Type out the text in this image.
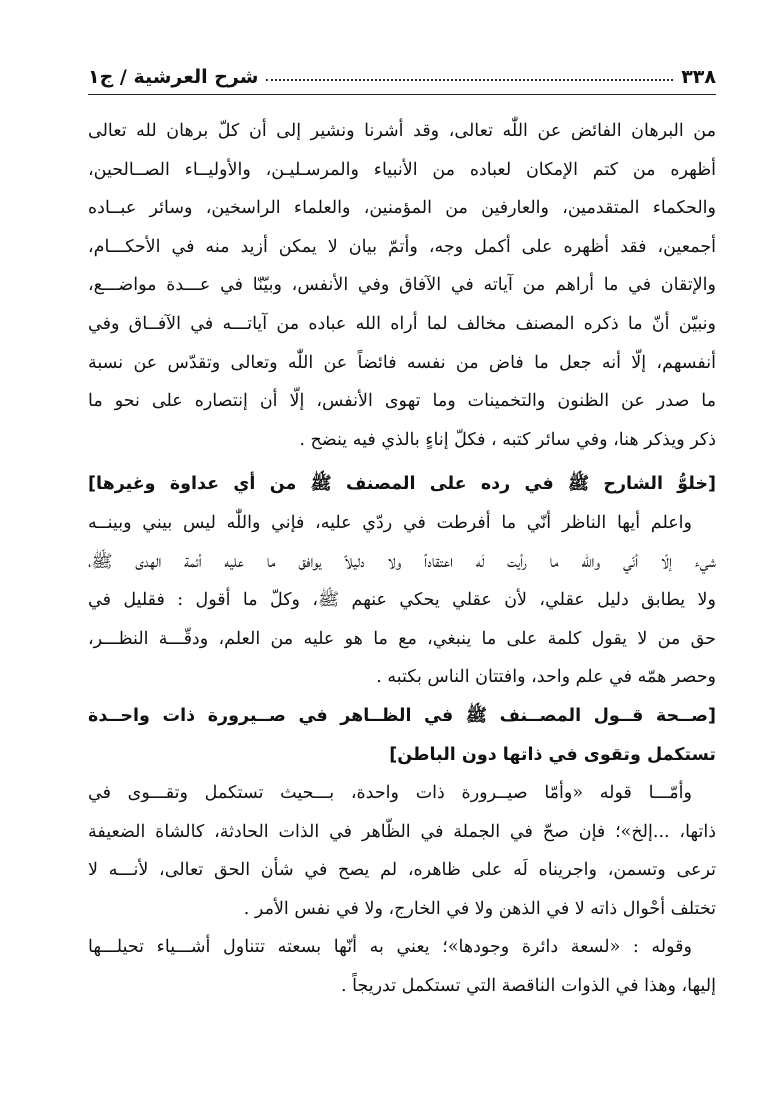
٣٣٨
شرح العرشية / ج١
من البرهان الفائض عن اللّٰه تعالى، وقد أشرنا ونشير إلى أن كلّ برهان لله تعالى
أظهره من كتم الإمكان لعباده من الأنبياء والمرسـليـن، والأوليــاء الصــالحين،
والحكماء المتقدمين، والعارفين من المؤمنين، والعلماء الراسخين، وسائر عبــاده
أجمعين، فقد أظهره على أكمل وجه، وأتمّ بيان لا يمكن أزيد منه في الأحكـــام،
والإتقان في ما أراهم من آياته في الآفاق وفي الأنفس، وبيّنّا في عـــدة مواضـــع،
ونبيّن أنّ ما ذكره المصنف مخالف لما أراه الله عباده من آياتـــه في الآفــاق وفي
أنفسهم، إلّا أنه جعل ما فاض من نفسه فائضاً عن اللّٰه وتعالى وتقدّس عن نسبة
ما صدر عن الظنون والتخمينات وما تهوى الأنفس، إلّا أن إنتصاره على نحو ما
ذكر ويذكر هنا، وفي سائر كتبه ، فكلّ إناءٍ بالذي فيه ينضح .
[خلوُّ الشارح ﷺ في رده على المصنف ﷺ من أي عداوة وغيرها]
واعلم أيها الناظر أنّي ما أفرطت في ردّي عليه، فإني واللّٰه ليس بيني وبينــه
شيء إلّا أنّي والله ما رأيت لَه اعتقاداً ولا دليلاً يوافق ما عليه أئمة الهدى ﷺ،
ولا يطابق دليل عقلي، لأن عقلي يحكي عنهم ﷺ، وكلّ ما أقول : فقليل في
حق من لا يقول كلمة على ما ينبغي، مع ما هو عليه من العلم، ودقّـــة النظـــر،
وحصر همّه في علم واحد، وافتتان الناس بكتبه .
[صــحة قــول المصــنف ﷺ في الظــاهر في صــيرورة ذات واحــدة
تستكمل وتقوى في ذاتها دون الباطن]
وأمّـــا قوله «وأمّا صيــرورة ذات واحدة، بـــحيث تستكمل وتقـــوى في
ذاتها، ...إلخ»؛ فإن صحّ في الجملة في الظّاهر في الذات الحادثة، كالشاة الضعيفة
ترعى وتسمن، واجريناه لَه على ظاهره، لم يصح في شأن الحق تعالى، لأنـــه لا
تختلف أحْوال ذاته لا في الذهن ولا في الخارج، ولا في نفس الأمر .
وقوله : «لسعة دائرة وجودها»؛ يعني به أنّها بسعته تتناول أشـــياء تحيلـــها
إليها، وهذا في الذوات الناقصة التي تستكمل تدريجاً .
